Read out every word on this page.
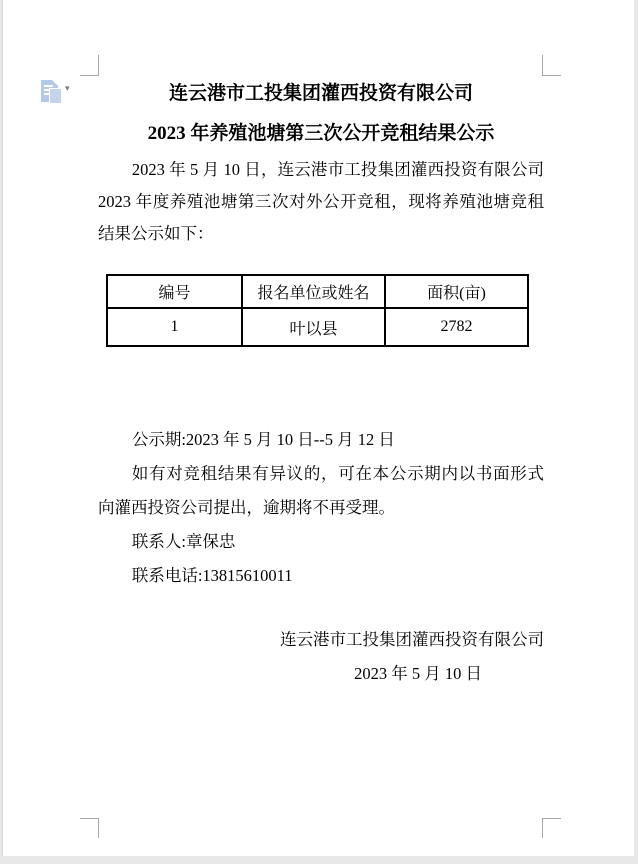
▾	连云港市工投集团灌西投资有限公司

2023 年养殖池塘第三次公开竞租结果公示

2023 年 5 月 10 日，连云港市工投集团灌西投资有限公司 2023 年度养殖池塘第三次对外公开竞租，现将养殖池塘竞租结果公示如下：

编号	报名单位或姓名	面积(亩)
1	叶以县	2782

公示期:2023 年 5 月 10 日--5 月 12 日

如有对竞租结果有异议的，可在本公示期内以书面形式向灌西投资公司提出，逾期将不再受理。

联系人:章保忠

联系电话:13815610011

连云港市工投集团灌西投资有限公司

2023 年 5 月 10 日
